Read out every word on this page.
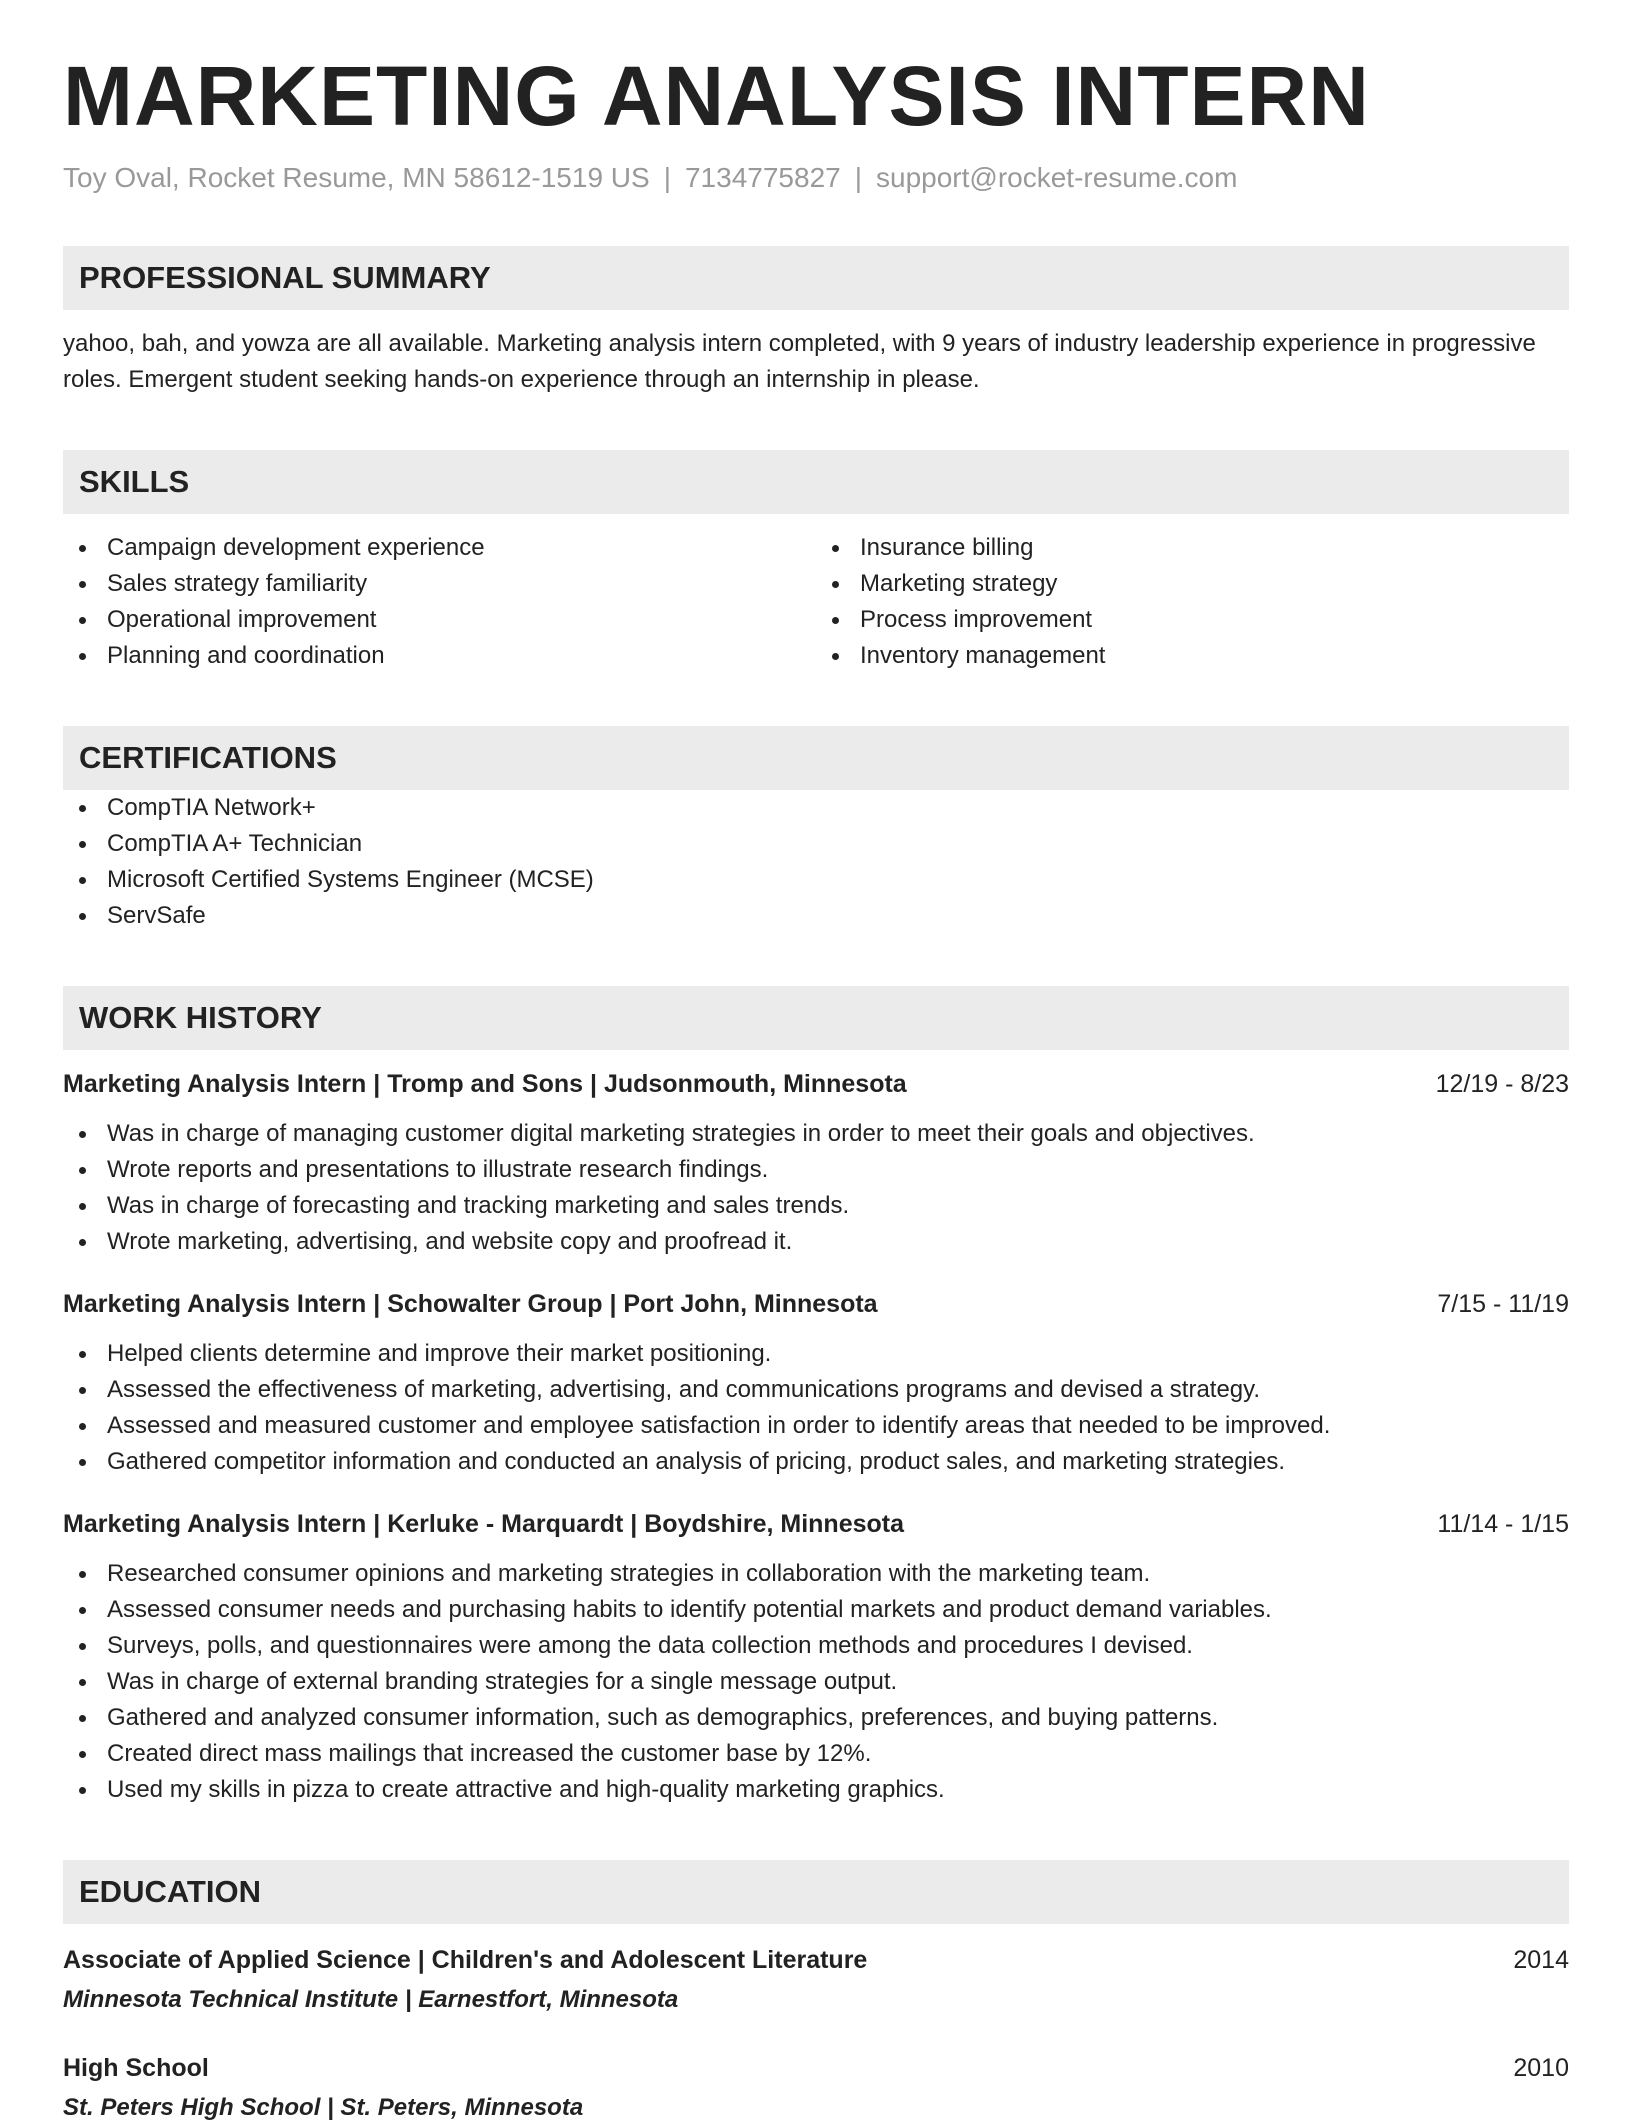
MARKETING ANALYSIS INTERN
Toy Oval, Rocket Resume, MN 58612-1519 US | 7134775827 | support@rocket-resume.com
PROFESSIONAL SUMMARY
yahoo, bah, and yowza are all available. Marketing analysis intern completed, with 9 years of industry leadership experience in progressive roles. Emergent student seeking hands-on experience through an internship in please.
SKILLS
Campaign development experience
Sales strategy familiarity
Operational improvement
Planning and coordination
Insurance billing
Marketing strategy
Process improvement
Inventory management
CERTIFICATIONS
CompTIA Network+
CompTIA A+ Technician
Microsoft Certified Systems Engineer (MCSE)
ServSafe
WORK HISTORY
Marketing Analysis Intern | Tromp and Sons | Judsonmouth, Minnesota	12/19 - 8/23
Was in charge of managing customer digital marketing strategies in order to meet their goals and objectives.
Wrote reports and presentations to illustrate research findings.
Was in charge of forecasting and tracking marketing and sales trends.
Wrote marketing, advertising, and website copy and proofread it.
Marketing Analysis Intern | Schowalter Group | Port John, Minnesota	7/15 - 11/19
Helped clients determine and improve their market positioning.
Assessed the effectiveness of marketing, advertising, and communications programs and devised a strategy.
Assessed and measured customer and employee satisfaction in order to identify areas that needed to be improved.
Gathered competitor information and conducted an analysis of pricing, product sales, and marketing strategies.
Marketing Analysis Intern | Kerluke - Marquardt | Boydshire, Minnesota	11/14 - 1/15
Researched consumer opinions and marketing strategies in collaboration with the marketing team.
Assessed consumer needs and purchasing habits to identify potential markets and product demand variables.
Surveys, polls, and questionnaires were among the data collection methods and procedures I devised.
Was in charge of external branding strategies for a single message output.
Gathered and analyzed consumer information, such as demographics, preferences, and buying patterns.
Created direct mass mailings that increased the customer base by 12%.
Used my skills in pizza to create attractive and high-quality marketing graphics.
EDUCATION
Associate of Applied Science | Children's and Adolescent Literature	2014
Minnesota Technical Institute | Earnestfort, Minnesota
High School	2010
St. Peters High School | St. Peters, Minnesota
